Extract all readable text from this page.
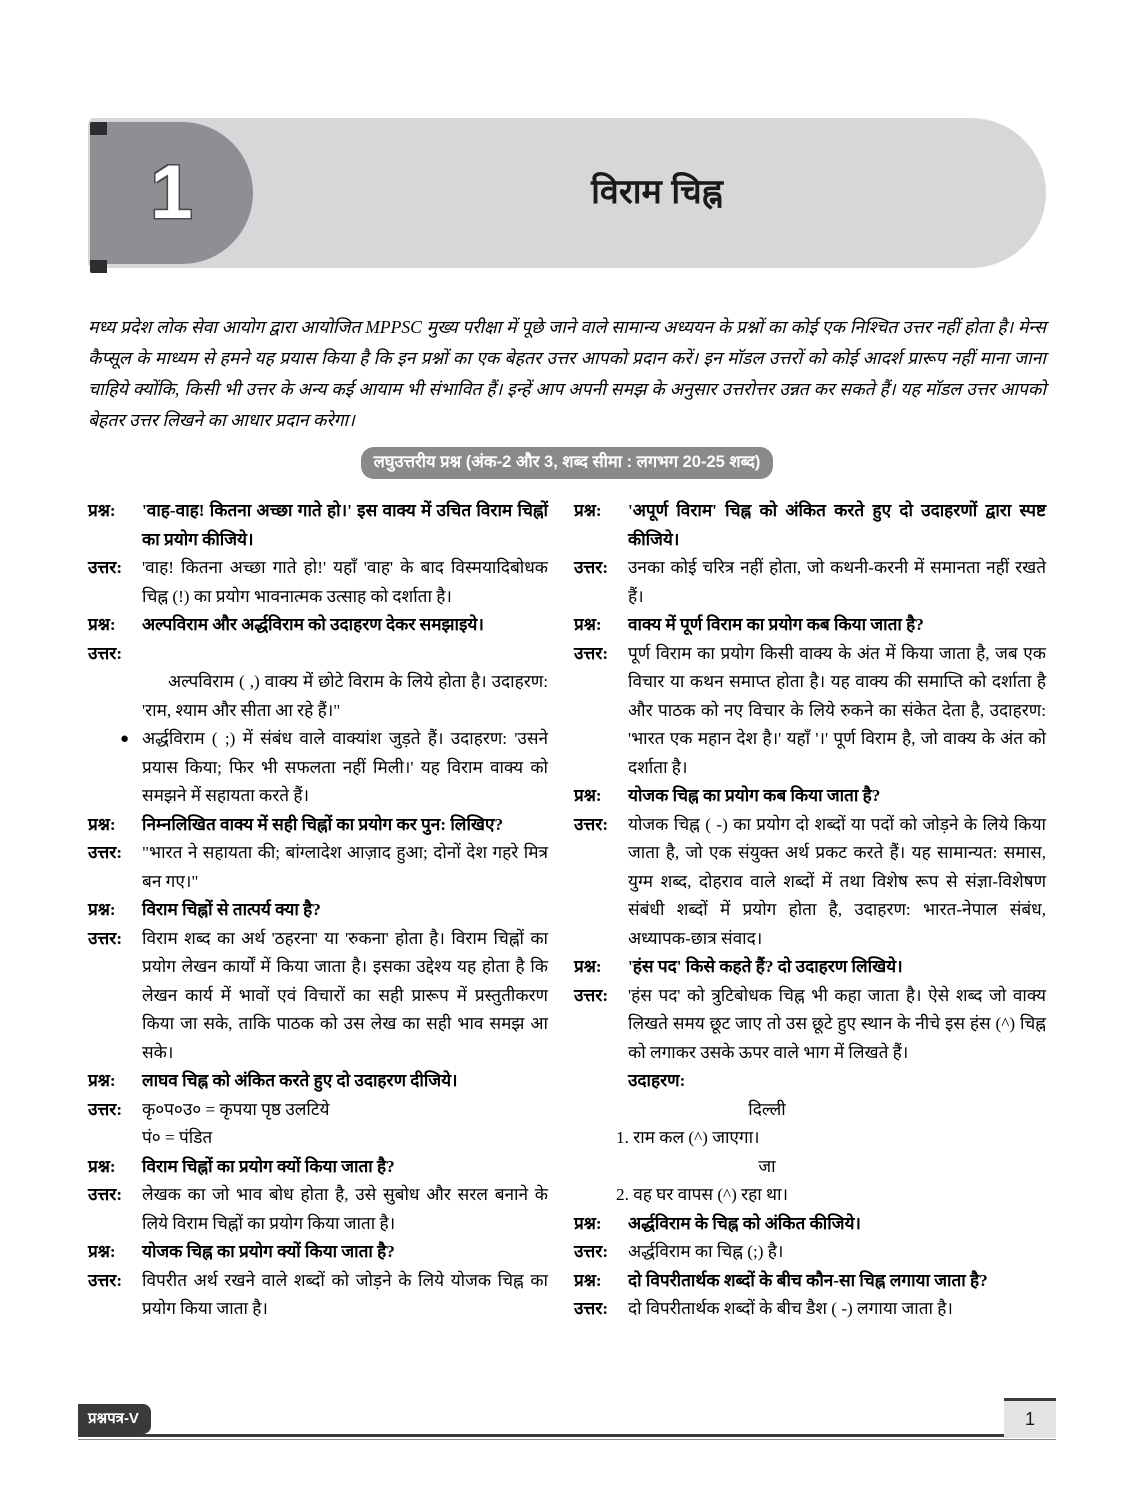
1	विराम चिह्न
मध्य प्रदेश लोक सेवा आयोग द्वारा आयोजित MPPSC मुख्य परीक्षा में पूछे जाने वाले सामान्य अध्ययन के प्रश्नों का कोई एक निश्चित उत्तर नहीं होता है। मेन्स कैप्सूल के माध्यम से हमने यह प्रयास किया है कि इन प्रश्नों का एक बेहतर उत्तर आपको प्रदान करें। इन मॉडल उत्तरों को कोई आदर्श प्रारूप नहीं माना जाना चाहिये क्योंकि, किसी भी उत्तर के अन्य कई आयाम भी संभावित हैं। इन्हें आप अपनी समझ के अनुसार उत्तरोत्तर उन्नत कर सकते हैं। यह मॉडल उत्तर आपको बेहतर उत्तर लिखने का आधार प्रदान करेगा।
लघुउत्तरीय प्रश्न (अंक-2 और 3, शब्द सीमा : लगभग 20-25 शब्द)
प्रश्न:	'वाह-वाह! कितना अच्छा गाते हो।' इस वाक्य में उचित विराम चिह्नों का प्रयोग कीजिये।
उत्तर:	'वाह! कितना अच्छा गाते हो!' यहाँ 'वाह' के बाद विस्मयादिबोधक चिह्न (!) का प्रयोग भावनात्मक उत्साह को दर्शाता है।
प्रश्न:	अल्पविराम और अर्द्धविराम को उदाहरण देकर समझाइये।
उत्तर:
अल्पविराम ( ,) वाक्य में छोटे विराम के लिये होता है। उदाहरण: 'राम, श्याम और सीता आ रहे हैं।"
● अर्द्धविराम ( ;) में संबंध वाले वाक्यांश जुड़ते हैं। उदाहरण: 'उसने प्रयास किया; फिर भी सफलता नहीं मिली।' यह विराम वाक्य को समझने में सहायता करते हैं।
प्रश्न:	निम्नलिखित वाक्य में सही चिह्नों का प्रयोग कर पुन: लिखिए?
उत्तर:	"भारत ने सहायता की; बांग्लादेश आज़ाद हुआ; दोनों देश गहरे मित्र बन गए।"
प्रश्न:	विराम चिह्नों से तात्पर्य क्या है?
उत्तर:	विराम शब्द का अर्थ 'ठहरना' या 'रुकना' होता है। विराम चिह्नों का प्रयोग लेखन कार्यों में किया जाता है। इसका उद्देश्य यह होता है कि लेखन कार्य में भावों एवं विचारों का सही प्रारूप में प्रस्तुतीकरण किया जा सके, ताकि पाठक को उस लेख का सही भाव समझ आ सके।
प्रश्न:	लाघव चिह्न को अंकित करते हुए दो उदाहरण दीजिये।
उत्तर:	कृ०प०उ० = कृपया पृष्ठ उलटिये
पं० = पंडित
प्रश्न:	विराम चिह्नों का प्रयोग क्यों किया जाता है?
उत्तर:	लेखक का जो भाव बोध होता है, उसे सुबोध और सरल बनाने के लिये विराम चिह्नों का प्रयोग किया जाता है।
प्रश्न:	योजक चिह्न का प्रयोग क्यों किया जाता है?
उत्तर:	विपरीत अर्थ रखने वाले शब्दों को जोड़ने के लिये योजक चिह्न का प्रयोग किया जाता है।
प्रश्न:	'अपूर्ण विराम' चिह्न को अंकित करते हुए दो उदाहरणों द्वारा स्पष्ट कीजिये।
उत्तर:	उनका कोई चरित्र नहीं होता, जो कथनी-करनी में समानता नहीं रखते हैं।
प्रश्न:	वाक्य में पूर्ण विराम का प्रयोग कब किया जाता है?
उत्तर:	पूर्ण विराम का प्रयोग किसी वाक्य के अंत में किया जाता है, जब एक विचार या कथन समाप्त होता है। यह वाक्य की समाप्ति को दर्शाता है और पाठक को नए विचार के लिये रुकने का संकेत देता है, उदाहरण: 'भारत एक महान देश है।' यहाँ '।' पूर्ण विराम है, जो वाक्य के अंत को दर्शाता है।
प्रश्न:	योजक चिह्न का प्रयोग कब किया जाता है?
उत्तर:	योजक चिह्न ( -) का प्रयोग दो शब्दों या पदों को जोड़ने के लिये किया जाता है, जो एक संयुक्त अर्थ प्रकट करते हैं। यह सामान्यत: समास, युग्म शब्द, दोहराव वाले शब्दों में तथा विशेष रूप से संज्ञा-विशेषण संबंधी शब्दों में प्रयोग होता है, उदाहरण: भारत-नेपाल संबंध, अध्यापक-छात्र संवाद।
प्रश्न:	'हंस पद' किसे कहते हैं? दो उदाहरण लिखिये।
उत्तर:	'हंस पद' को त्रुटिबोधक चिह्न भी कहा जाता है। ऐसे शब्द जो वाक्य लिखते समय छूट जाए तो उस छूटे हुए स्थान के नीचे इस हंस (^) चिह्न को लगाकर उसके ऊपर वाले भाग में लिखते हैं।
उदाहरण:
दिल्ली
1. राम कल (^) जाएगा।
जा
2. वह घर वापस (^) रहा था।
प्रश्न:	अर्द्धविराम के चिह्न को अंकित कीजिये।
उत्तर:	अर्द्धविराम का चिह्न (;) है।
प्रश्न:	दो विपरीतार्थक शब्दों के बीच कौन-सा चिह्न लगाया जाता है?
उत्तर:	दो विपरीतार्थक शब्दों के बीच डैश ( -) लगाया जाता है।
प्रश्नपत्र-V	1
